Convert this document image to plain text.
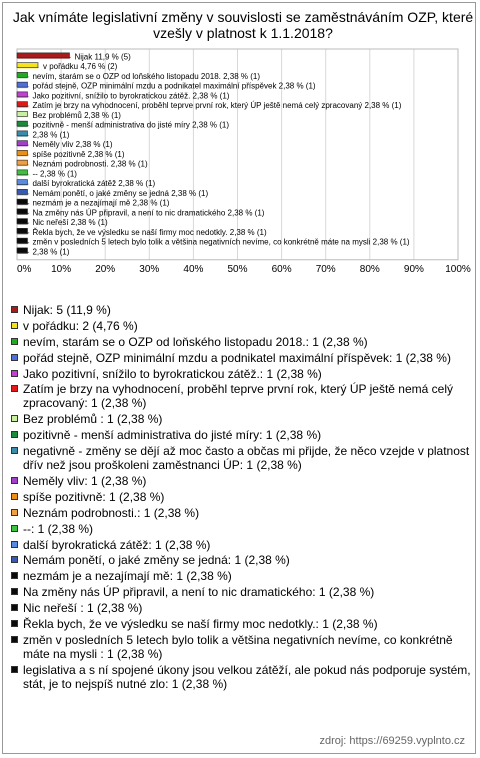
Jak vnímáte legislativní změny v souvislosti se zaměstnáváním OZP, které vzešly v platnost k 1.1.2018?
Nijak 11,9 % (5)
v pořádku 4,76 % (2)
nevím, starám se o OZP od loňského listopadu 2018. 2,38 % (1)
pořád stejně, OZP minimální mzdu a podnikatel maximální příspěvek 2,38 % (1)
Jako pozitivní, snížilo to byrokratickou zátěž. 2,38 % (1)
Zatím je brzy na vyhodnocení, proběhl teprve první rok, který ÚP ještě nemá celý zpracovaný 2,38 % (1)
Bez problémů 2,38 % (1)
pozitivně - menší administrativa do jisté míry 2,38 % (1)
2,38 % (1)
Neměly vliv 2,38 % (1)
spíše pozitivně 2,38 % (1)
Neznám podrobnosti. 2,38 % (1)
-- 2,38 % (1)
další byrokratická zátěž 2,38 % (1)
Nemám ponětí, o jaké změny se jedná 2,38 % (1)
nezmám je a nezajímají mě 2,38 % (1)
Na změny nás ÚP připravil, a není to nic dramatického 2,38 % (1)
Nic neřeší 2,38 % (1)
Řekla bych, že ve výsledku se naší firmy moc nedotkly. 2,38 % (1)
změn v posledních 5 letech bylo tolik a většina negativních nevíme, co konkrétně máte na mysli 2,38 % (1)
2,38 % (1)
0% 10% 20% 30% 40% 50% 60% 70% 80% 90% 100%
Nijak: 5 (11,9 %)
v pořádku: 2 (4,76 %)
nevím, starám se o OZP od loňského listopadu 2018.: 1 (2,38 %)
pořád stejně, OZP minimální mzdu a podnikatel maximální příspěvek: 1 (2,38 %)
Jako pozitivní, snížilo to byrokratickou zátěž.: 1 (2,38 %)
Zatím je brzy na vyhodnocení, proběhl teprve první rok, který ÚP ještě nemá celý zpracovaný: 1 (2,38 %)
Bez problémů : 1 (2,38 %)
pozitivně - menší administrativa do jisté míry: 1 (2,38 %)
negativně - změny se dějí až moc často a občas mi přijde, že něco vzejde v platnost dřív než jsou proškoleni zaměstnanci ÚP: 1 (2,38 %)
Neměly vliv: 1 (2,38 %)
spíše pozitivně: 1 (2,38 %)
Neznám podrobnosti.: 1 (2,38 %)
--: 1 (2,38 %)
další byrokratická zátěž: 1 (2,38 %)
Nemám ponětí, o jaké změny se jedná: 1 (2,38 %)
nezmám je a nezajímají mě: 1 (2,38 %)
Na změny nás ÚP připravil, a není to nic dramatického: 1 (2,38 %)
Nic neřeší : 1 (2,38 %)
Řekla bych, že ve výsledku se naší firmy moc nedotkly.: 1 (2,38 %)
změn v posledních 5 letech bylo tolik a většina negativních nevíme, co konkrétně máte na mysli : 1 (2,38 %)
legislativa a s ní spojené úkony jsou velkou zátěží, ale pokud nás podporuje systém, stát, je to nejspíš nutné zlo: 1 (2,38 %)
zdroj: https://69259.vyplnto.cz
